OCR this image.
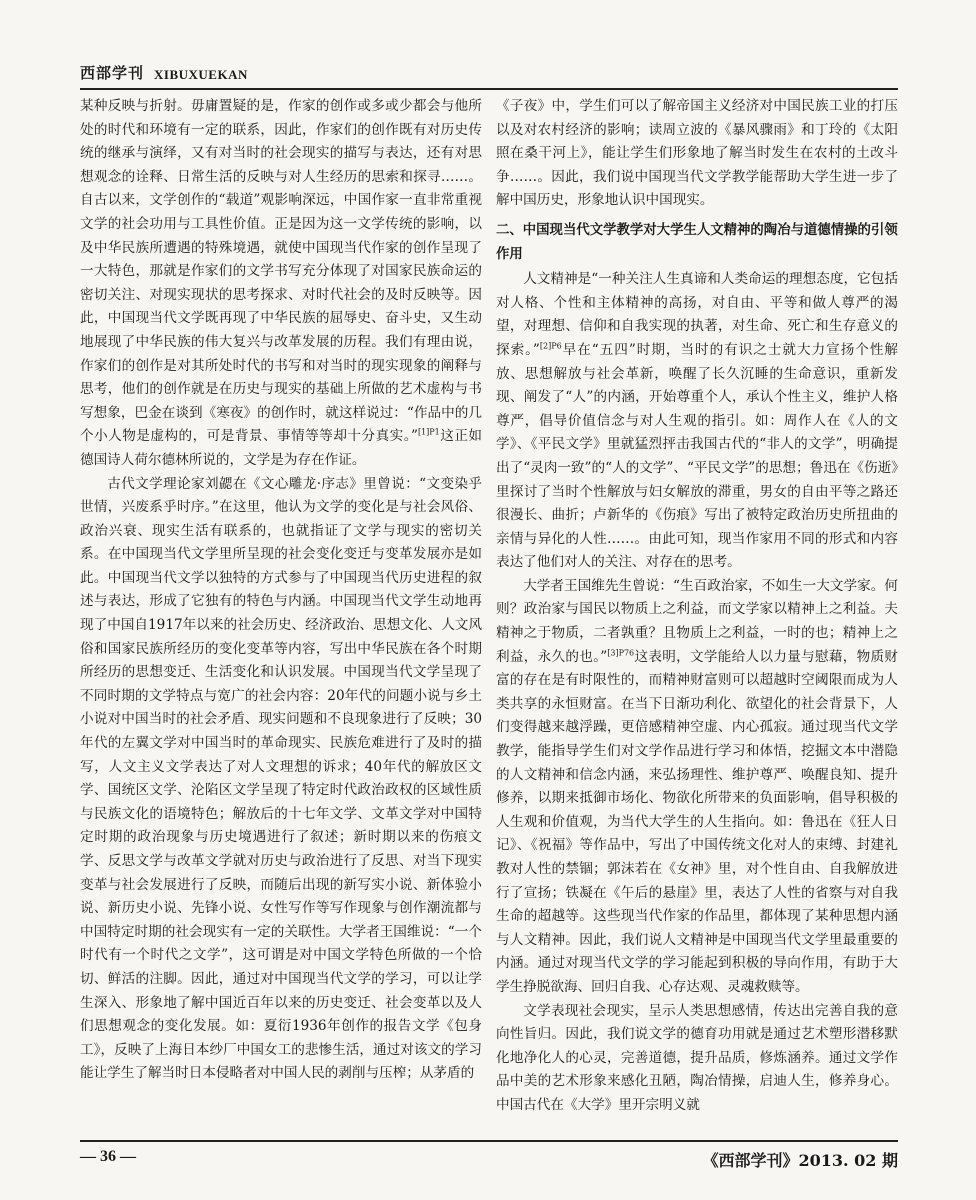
西部学刊 XIBUXUEKAN

某种反映与折射。毋庸置疑的是，作家的创作或多或少都会与他所处的时代和环境有一定的联系，因此，作家们的创作既有对历史传统的继承与演绎，又有对当时的社会现实的描写与表达，还有对思想观念的诠释、日常生活的反映与对人生经历的思索和探寻……。自古以来，文学创作的“载道”观影响深远，中国作家一直非常重视文学的社会功用与工具性价值。正是因为这一文学传统的影响，以及中华民族所遭遇的特殊境遇，就使中国现当代作家的创作呈现了一大特色，那就是作家们的文学书写充分体现了对国家民族命运的密切关注、对现实现状的思考探求、对时代社会的及时反映等。因此，中国现当代文学既再现了中华民族的屈辱史、奋斗史，又生动地展现了中华民族的伟大复兴与改革发展的历程。我们有理由说，作家们的创作是对其所处时代的书写和对当时的现实现象的阐释与思考，他们的创作就是在历史与现实的基础上所做的艺术虚构与书写想象，巴金在谈到《寒夜》的创作时，就这样说过：“作品中的几个小人物是虚构的，可是背景、事情等等却十分真实。”$^{[1]P1}$这正如德国诗人荷尔德林所说的，文学是为存在作证。

古代文学理论家刘勰在《文心雕龙·序志》里曾说：“文变染乎世情，兴废系乎时序。”在这里，他认为文学的变化是与社会风俗、政治兴衰、现实生活有联系的，也就指证了文学与现实的密切关系。在中国现当代文学里所呈现的社会变化变迁与变革发展亦是如此。中国现当代文学以独特的方式参与了中国现当代历史进程的叙述与表达，形成了它独有的特色与内涵。中国现当代文学生动地再现了中国自1917年以来的社会历史、经济政治、思想文化、人文风俗和国家民族所经历的变化变革等内容，写出中华民族在各个时期所经历的思想变迁、生活变化和认识发展。中国现当代文学呈现了不同时期的文学特点与宽广的社会内容：20年代的问题小说与乡土小说对中国当时的社会矛盾、现实问题和不良现象进行了反映；30年代的左翼文学对中国当时的革命现实、民族危难进行了及时的描写，人文主义文学表达了对人文理想的诉求；40年代的解放区文学、国统区文学、沦陷区文学呈现了特定时代政治政权的区域性质与民族文化的语境特色；解放后的十七年文学、文革文学对中国特定时期的政治现象与历史境遇进行了叙述；新时期以来的伤痕文学、反思文学与改革文学就对历史与政治进行了反思、对当下现实变革与社会发展进行了反映，而随后出现的新写实小说、新体验小说、新历史小说、先锋小说、女性写作等写作现象与创作潮流都与中国特定时期的社会现实有一定的关联性。大学者王国维说：“一个时代有一个时代之文学”，这可谓是对中国文学特色所做的一个恰切、鲜活的注脚。因此，通过对中国现当代文学的学习，可以让学生深入、形象地了解中国近百年以来的历史变迁、社会变革以及人们思想观念的变化发展。如：夏衍1936年创作的报告文学《包身工》，反映了上海日本纱厂中国女工的悲惨生活，通过对该文的学习能让学生了解当时日本侵略者对中国人民的剥削与压榨；从茅盾的

《子夜》中，学生们可以了解帝国主义经济对中国民族工业的打压以及对农村经济的影响；读周立波的《暴风骤雨》和丁玲的《太阳照在桑干河上》，能让学生们形象地了解当时发生在农村的土改斗争……。因此，我们说中国现当代文学教学能帮助大学生进一步了解中国历史，形象地认识中国现实。

二、中国现当代文学教学对大学生人文精神的陶冶与道德情操的引领作用

人文精神是“一种关注人生真谛和人类命运的理想态度，它包括对人格、个性和主体精神的高扬，对自由、平等和做人尊严的渴望，对理想、信仰和自我实现的执著，对生命、死亡和生存意义的探索。”$^{[2]P6}$早在“五四”时期，当时的有识之士就大力宣扬个性解放、思想解放与社会革新，唤醒了长久沉睡的生命意识，重新发现、阐发了“人”的内涵，开始尊重个人，承认个性主义，维护人格尊严，倡导价值信念与对人生观的指引。如：周作人在《人的文学》、《平民文学》里就猛烈抨击我国古代的“非人的文学”，明确提出了“灵肉一致”的“人的文学”、“平民文学”的思想；鲁迅在《伤逝》里探讨了当时个性解放与妇女解放的滞重，男女的自由平等之路还很漫长、曲折；卢新华的《伤痕》写出了被特定政治历史所扭曲的亲情与异化的人性……。由此可知，现当作家用不同的形式和内容表达了他们对人的关注、对存在的思考。

大学者王国维先生曾说：“生百政治家，不如生一大文学家。何则？政治家与国民以物质上之利益，而文学家以精神上之利益。夫精神之于物质，二者孰重？且物质上之利益，一时的也；精神上之利益，永久的也。”$^{[3]P76}$这表明，文学能给人以力量与慰藉，物质财富的存在是有时限性的，而精神财富则可以超越时空阈限而成为人类共享的永恒财富。在当下日渐功利化、欲望化的社会背景下，人们变得越来越浮躁，更倍感精神空虚、内心孤寂。通过现当代文学教学，能指导学生们对文学作品进行学习和体悟，挖掘文本中潜隐的人文精神和信念内涵，来弘扬理性、维护尊严、唤醒良知、提升修养，以期来抵御市场化、物欲化所带来的负面影响，倡导积极的人生观和价值观，为当代大学生的人生指向。如：鲁迅在《狂人日记》、《祝福》等作品中，写出了中国传统文化对人的束缚、封建礼教对人性的禁锢；郭沫若在《女神》里，对个性自由、自我解放进行了宣扬；铁凝在《午后的悬崖》里，表达了人性的省察与对自我生命的超越等。这些现当代作家的作品里，都体现了某种思想内涵与人文精神。因此，我们说人文精神是中国现当代文学里最重要的内涵。通过对现当代文学的学习能起到积极的导向作用，有助于大学生挣脱欲海、回归自我、心存达观、灵魂救赎等。

文学表现社会现实，呈示人类思想感情，传达出完善自我的意向性旨归。因此，我们说文学的德育功用就是通过艺术塑形潜移默化地净化人的心灵，完善道德，提升品质，修炼涵养。通过文学作品中美的艺术形象来感化丑陋，陶冶情操，启迪人生，修养身心。中国古代在《大学》里开宗明义就

— 36 —	《西部学刊》2013. 02 期
